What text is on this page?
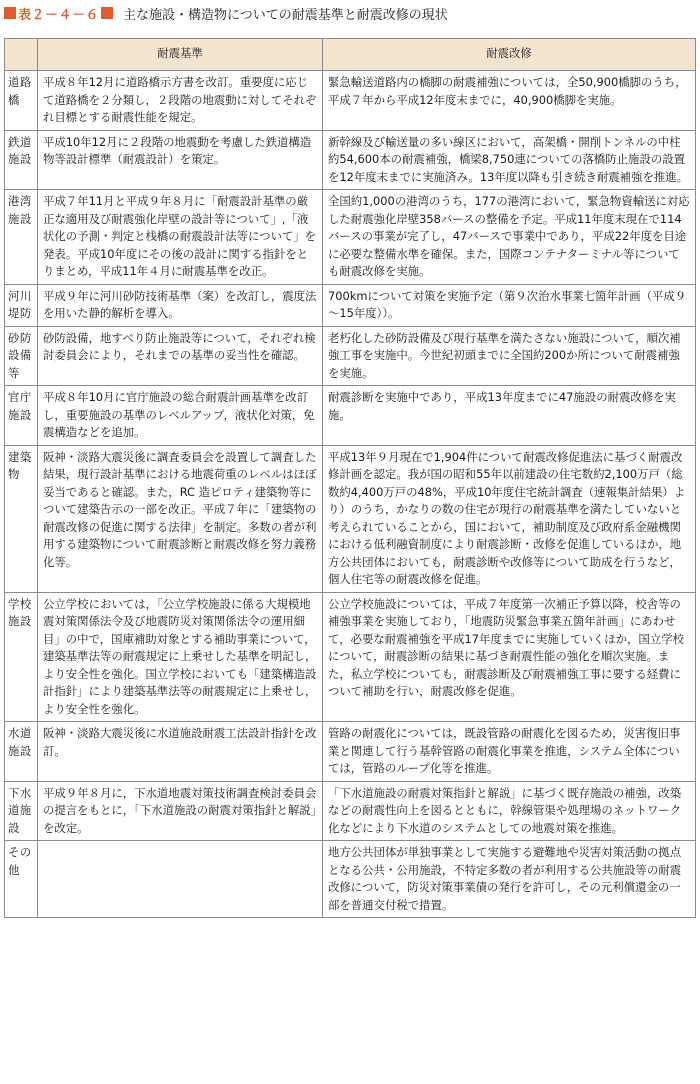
表２－４－６ 主な施設・構造物についての耐震基準と耐震改修の現状
	耐震基準	耐震改修
道路橋	平成８年12月に道路橋示方書を改訂。重要度に応じて道路橋を２分類し，２段階の地震動に対してそれぞれ目標とする耐震性能を規定。	緊急輸送道路内の橋脚の耐震補強については，全50,900橋脚のうち，平成７年から平成12年度末までに，40,900橋脚を実施。
鉄道施設	平成10年12月に２段階の地震動を考慮した鉄道構造物等設計標準（耐震設計）を策定。	新幹線及び輸送量の多い線区において，高架橋・開削トンネルの中柱約54,600本の耐震補強，橋梁8,750連についての落橋防止施設の設置を12年度末までに実施済み。13年度以降も引き続き耐震補強を推進。
港湾施設	平成７年11月と平成９年８月に「耐震設計基準の厳正な適用及び耐震強化岸壁の設計等について」,「液状化の予測・判定と栈橋の耐震設計法等について」を発表。平成10年度にその後の設計に関する指針をとりまとめ，平成11年４月に耐震基準を改正。	全国約1,000の港湾のうち，177の港湾において，緊急物資輸送に対応した耐震強化岸壁358バースの整備を予定。平成11年度末現在で114バースの事業が完了し，47バースで事業中であり，平成22年度を目途に必要な整備水準を確保。また，国際コンテナターミナル等についても耐震改修を実施。
河川堤防	平成９年に河川砂防技術基準（案）を改訂し，震度法を用いた静的解析を導入。	700kmについて対策を実施予定（第９次治水事業七箇年計画（平成９～15年度））。
砂防設備等	砂防設備，地すべり防止施設等について，それぞれ検討委員会により，それまでの基準の妥当性を確認。	老朽化した砂防設備及び現行基準を満たさない施設について，順次補強工事を実施中。今世紀初頭までに全国約200か所について耐震補強を実施。
官庁施設	平成８年10月に官庁施設の総合耐震計画基準を改訂し，重要施設の基準のレベルアップ，液状化対策，免震構造などを追加。	耐震診断を実施中であり，平成13年度までに47施設の耐震改修を実施。
建築物	阪神・淡路大震災後に調査委員会を設置して調査した結果，現行設計基準における地震荷重のレベルはほぼ妥当であると確認。また，RC 造ピロティ建築物等について建築告示の一部を改正。平成７年に「建築物の耐震改修の促進に関する法律」を制定。多数の者が利用する建築物について耐震診断と耐震改修を努力義務化等。	平成13年９月現在で1,904件について耐震改修促進法に基づく耐震改修計画を認定。我が国の昭和55年以前建設の住宅数約2,100万戸（総数約4,400万戸の48%，平成10年度住宅統計調査（速報集計結果）より）のうち，かなりの数の住宅が現行の耐震基準を満たしていないと考えられていることから，国において，補助制度及び政府系金融機関における低利融資制度により耐震診断・改修を促進しているほか，地方公共団体においても，耐震診断や改修等について助成を行うなど，個人住宅等の耐震改修を促進。
学校施設	公立学校においては，「公立学校施設に係る大規模地震対策関係法令及び地震防災対策関係法令の運用細目」の中で，国庫補助対象とする補助事業について，建築基準法等の耐震規定に上乗せした基準を明記し，より安全性を強化。国立学校においても「建築構造設計指針」により建築基準法等の耐震規定に上乗せし，より安全性を強化。	公立学校施設については，平成７年度第一次補正予算以降，校舎等の補強事業を実施しており，「地震防災緊急事業五箇年計画」にあわせて，必要な耐震補強を平成17年度までに実施していくほか，国立学校について，耐震診断の結果に基づき耐震性能の強化を順次実施。また，私立学校についても，耐震診断及び耐震補強工事に要する経費について補助を行い，耐震改修を促進。
水道施設	阪神・淡路大震災後に水道施設耐震工法設計指針を改訂。	管路の耐震化については，既設管路の耐震化を図るため，災害復旧事業と関連して行う基幹管路の耐震化事業を推進，システム全体については，管路のループ化等を推進。
下水道施設	平成９年８月に，下水道地震対策技術調査検討委員会の提言をもとに，「下水道施設の耐震対策指針と解説」を改定。	「下水道施設の耐震対策指針と解説」に基づく既存施設の補強，改築などの耐震性向上を図るとともに，幹線管渠や処理場のネットワーク化などにより下水道のシステムとしての地震対策を推進。
その他		地方公共団体が単独事業として実施する避難地や災害対策活動の拠点となる公共・公用施設，不特定多数の者が利用する公共施設等の耐震改修について，防災対策事業債の発行を許可し，その元利償還金の一部を普通交付税で措置。
